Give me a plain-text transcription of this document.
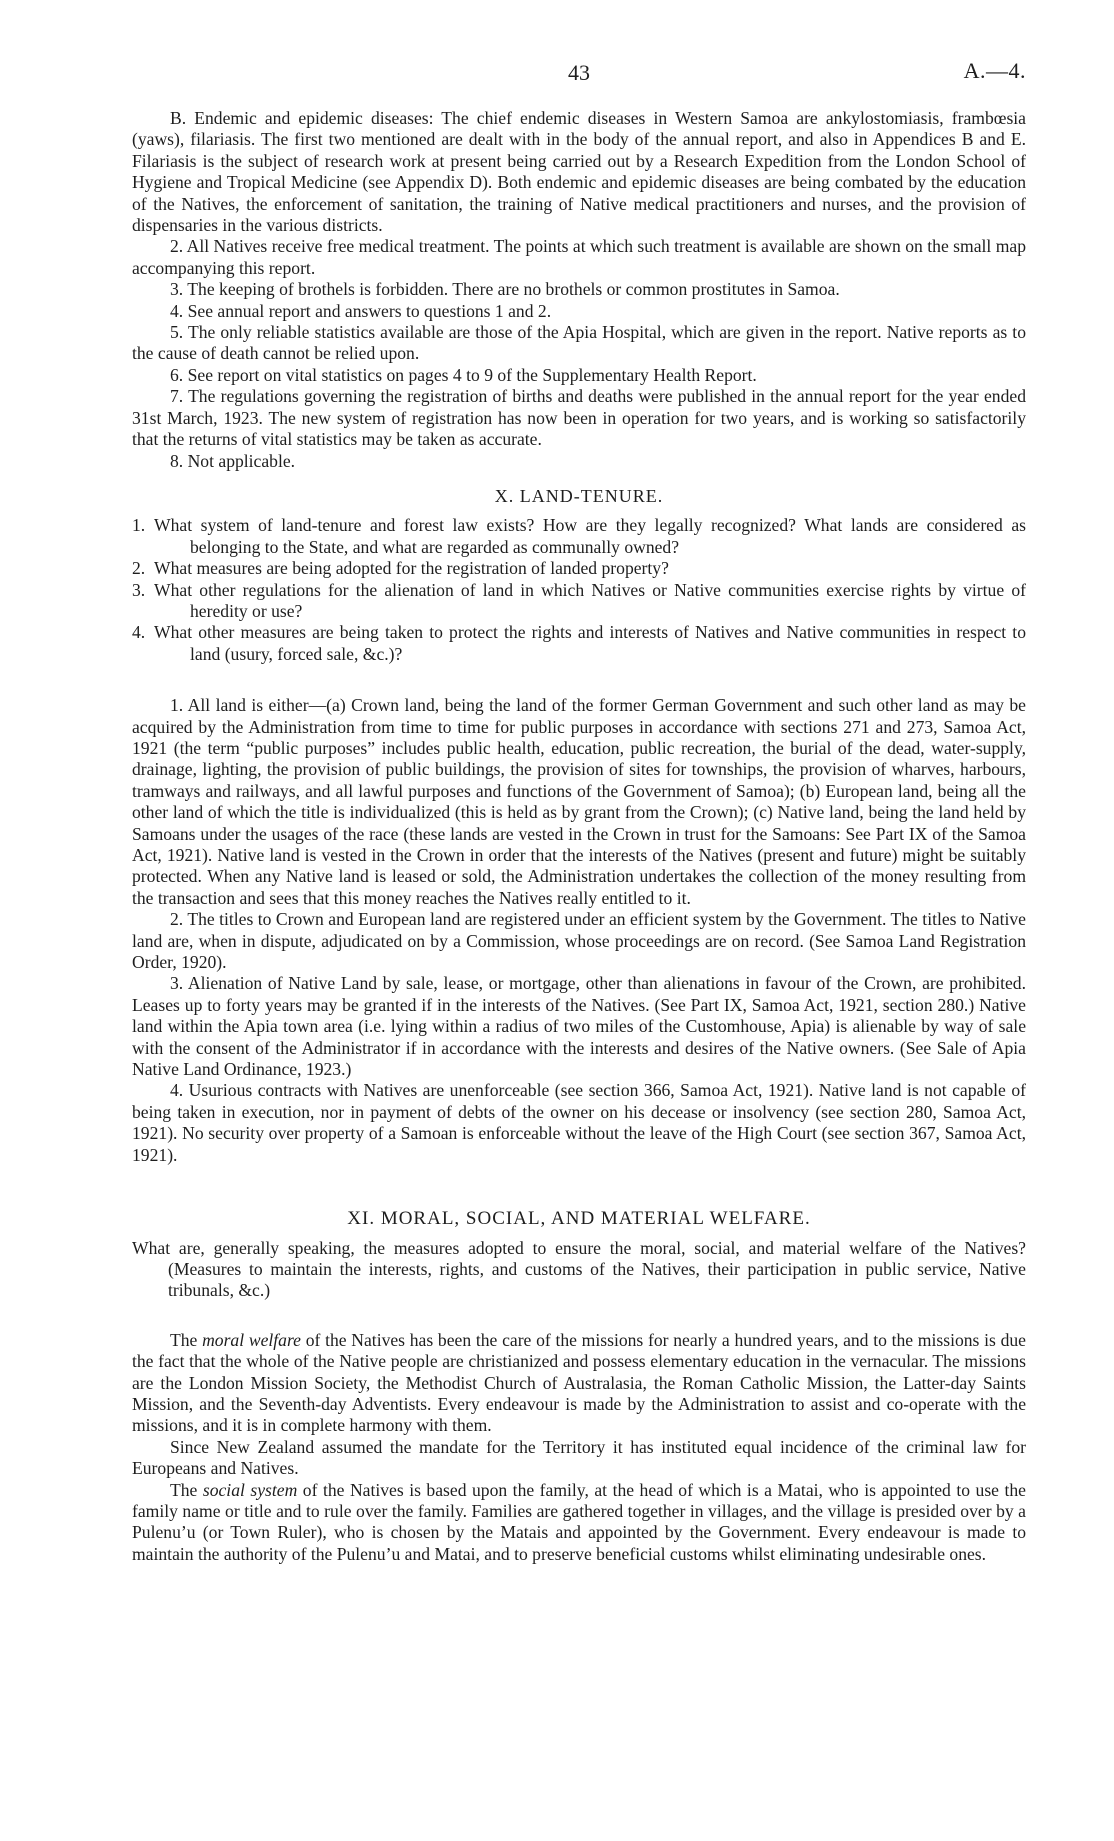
43	A.—4.

B. Endemic and epidemic diseases: The chief endemic diseases in Western Samoa are ankylostomiasis, frambœsia (yaws), filariasis. The first two mentioned are dealt with in the body of the annual report, and also in Appendices B and E. Filariasis is the subject of research work at present being carried out by a Research Expedition from the London School of Hygiene and Tropical Medicine (see Appendix D). Both endemic and epidemic diseases are being combated by the education of the Natives, the enforcement of sanitation, the training of Native medical practitioners and nurses, and the provision of dispensaries in the various districts.

2. All Natives receive free medical treatment. The points at which such treatment is available are shown on the small map accompanying this report.

3. The keeping of brothels is forbidden. There are no brothels or common prostitutes in Samoa.

4. See annual report and answers to questions 1 and 2.

5. The only reliable statistics available are those of the Apia Hospital, which are given in the report. Native reports as to the cause of death cannot be relied upon.

6. See report on vital statistics on pages 4 to 9 of the Supplementary Health Report.

7. The regulations governing the registration of births and deaths were published in the annual report for the year ended 31st March, 1923. The new system of registration has now been in operation for two years, and is working so satisfactorily that the returns of vital statistics may be taken as accurate.

8. Not applicable.

X. LAND-TENURE.

1. What system of land-tenure and forest law exists? How are they legally recognized? What lands are considered as belonging to the State, and what are regarded as communally owned?

2. What measures are being adopted for the registration of landed property?

3. What other regulations for the alienation of land in which Natives or Native communities exercise rights by virtue of heredity or use?

4. What other measures are being taken to protect the rights and interests of Natives and Native communities in respect to land (usury, forced sale, &c.)?

1. All land is either—(a) Crown land, being the land of the former German Government and such other land as may be acquired by the Administration from time to time for public purposes in accordance with sections 271 and 273, Samoa Act, 1921 (the term “public purposes” includes public health, education, public recreation, the burial of the dead, water-supply, drainage, lighting, the provision of public buildings, the provision of sites for townships, the provision of wharves, harbours, tramways and railways, and all lawful purposes and functions of the Government of Samoa); (b) European land, being all the other land of which the title is individualized (this is held as by grant from the Crown); (c) Native land, being the land held by Samoans under the usages of the race (these lands are vested in the Crown in trust for the Samoans: See Part IX of the Samoa Act, 1921). Native land is vested in the Crown in order that the interests of the Natives (present and future) might be suitably protected. When any Native land is leased or sold, the Administration undertakes the collection of the money resulting from the transaction and sees that this money reaches the Natives really entitled to it.

2. The titles to Crown and European land are registered under an efficient system by the Government. The titles to Native land are, when in dispute, adjudicated on by a Commission, whose proceedings are on record. (See Samoa Land Registration Order, 1920).

3. Alienation of Native Land by sale, lease, or mortgage, other than alienations in favour of the Crown, are prohibited. Leases up to forty years may be granted if in the interests of the Natives. (See Part IX, Samoa Act, 1921, section 280.) Native land within the Apia town area (i.e. lying within a radius of two miles of the Customhouse, Apia) is alienable by way of sale with the consent of the Administrator if in accordance with the interests and desires of the Native owners. (See Sale of Apia Native Land Ordinance, 1923.)

4. Usurious contracts with Natives are unenforceable (see section 366, Samoa Act, 1921). Native land is not capable of being taken in execution, nor in payment of debts of the owner on his decease or insolvency (see section 280, Samoa Act, 1921). No security over property of a Samoan is enforceable without the leave of the High Court (see section 367, Samoa Act, 1921).

XI. MORAL, SOCIAL, AND MATERIAL WELFARE.

What are, generally speaking, the measures adopted to ensure the moral, social, and material welfare of the Natives? (Measures to maintain the interests, rights, and customs of the Natives, their participation in public service, Native tribunals, &c.)

The moral welfare of the Natives has been the care of the missions for nearly a hundred years, and to the missions is due the fact that the whole of the Native people are christianized and possess elementary education in the vernacular. The missions are the London Mission Society, the Methodist Church of Australasia, the Roman Catholic Mission, the Latter-day Saints Mission, and the Seventh-day Adventists. Every endeavour is made by the Administration to assist and co-operate with the missions, and it is in complete harmony with them.

Since New Zealand assumed the mandate for the Territory it has instituted equal incidence of the criminal law for Europeans and Natives.

The social system of the Natives is based upon the family, at the head of which is a Matai, who is appointed to use the family name or title and to rule over the family. Families are gathered together in villages, and the village is presided over by a Pulenu’u (or Town Ruler), who is chosen by the Matais and appointed by the Government. Every endeavour is made to maintain the authority of the Pulenu’u and Matai, and to preserve beneficial customs whilst eliminating undesirable ones.
